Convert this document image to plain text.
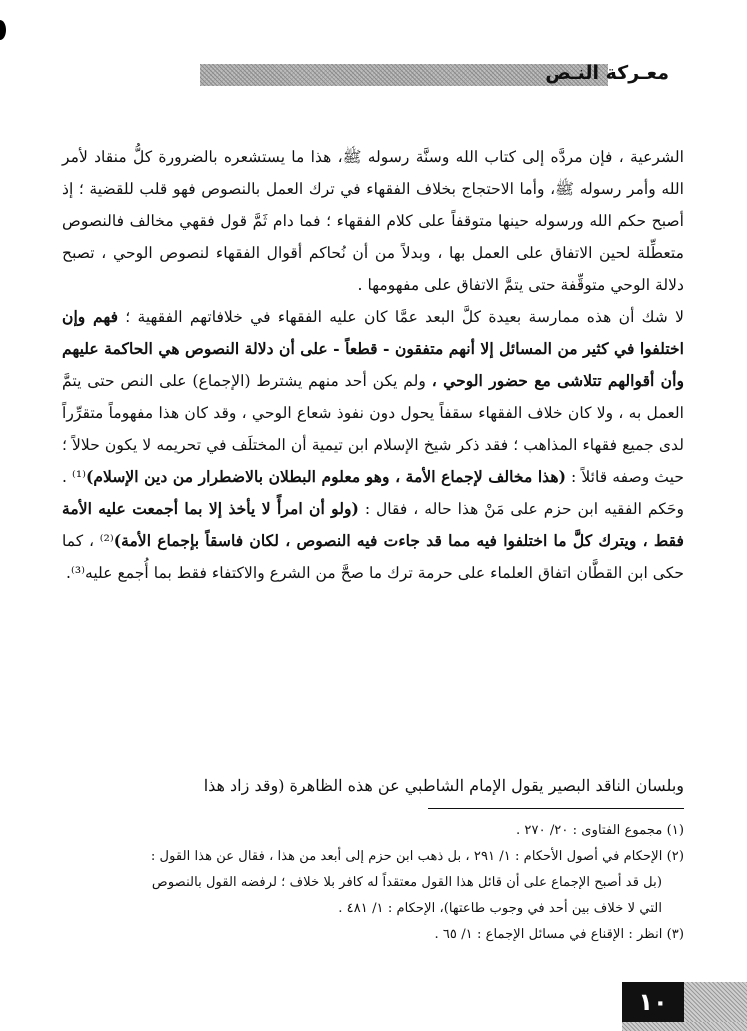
معـركة النـص

الشرعية ، فإن مردَّه إلى كتاب الله وسنَّة رسوله ﷺ، هذا ما يستشعره بالضرورة كلُّ منقاد لأمر الله وأمر رسوله ﷺ، وأما الاحتجاج بخلاف الفقهاء في ترك العمل بالنصوص فهو قلب للقضية ؛ إذ أصبح حكم الله ورسوله حينها متوقفاً على كلام الفقهاء ؛ فما دام ثَمَّ قول فقهي مخالف فالنصوص متعطِّلة لحين الاتفاق على العمل بها ، وبدلاً من أن نُحاكم أقوال الفقهاء لنصوص الوحي ، تصبح دلالة الوحي متوقِّفة حتى يتمَّ الاتفاق على مفهومها .

لا شك أن هذه ممارسة بعيدة كلَّ البعد عمَّا كان عليه الفقهاء في خلافاتهم الفقهية ؛ فهم وإن اختلفوا في كثير من المسائل إلا أنهم متفقون - قطعاً - على أن دلالة النصوص هي الحاكمة عليهم وأن أقوالهم تتلاشى مع حضور الوحي ، ولم يكن أحد منهم يشترط (الإجماع) على النص حتى يتمَّ العمل به ، ولا كان خلاف الفقهاء سقفاً يحول دون نفوذ شعاع الوحي ، وقد كان هذا مفهوماً متقرِّراً لدى جميع فقهاء المذاهب ؛ فقد ذكر شيخ الإسلام ابن تيمية أن المختلَف في تحريمه لا يكون حلالاً ؛ حيث وصفه قائلاً : (هذا مخالف لإجماع الأمة ، وهو معلوم البطلان بالاضطرار من دين الإسلام)⁽¹⁾ . وحَكم الفقيه ابن حزم على مَنْ هذا حاله ، فقال : (ولو أن امرأً لا يأخذ إلا بما أجمعت عليه الأمة فقط ، ويترك كلَّ ما اختلفوا فيه مما قد جاءت فيه النصوص ، لكان فاسقاً بإجماع الأمة)⁽²⁾ ، كما حكى ابن القطَّان اتفاق العلماء على حرمة ترك ما صحَّ من الشرع والاكتفاء فقط بما أُجمع عليه⁽³⁾.

وبلسان الناقد البصير يقول الإمام الشاطبي عن هذه الظاهرة (وقد زاد هذا

(١) مجموع الفتاوى : ٢٠/ ٢٧٠ .

(٢) الإحكام في أصول الأحكام : ١/ ٢٩١ ، بل ذهب ابن حزم إلى أبعد من هذا ، فقال عن هذا القول :

(بل قد أصبح الإجماع على أن قائل هذا القول معتقداً له كافر بلا خلاف ؛ لرفضه القول بالنصوص

التي لا خلاف بين أحد في وجوب طاعتها)، الإحكام : ١/ ٤٨١ .

(٣) انظر : الإقناع في مسائل الإجماع : ١/ ٦٥ .

١٠
